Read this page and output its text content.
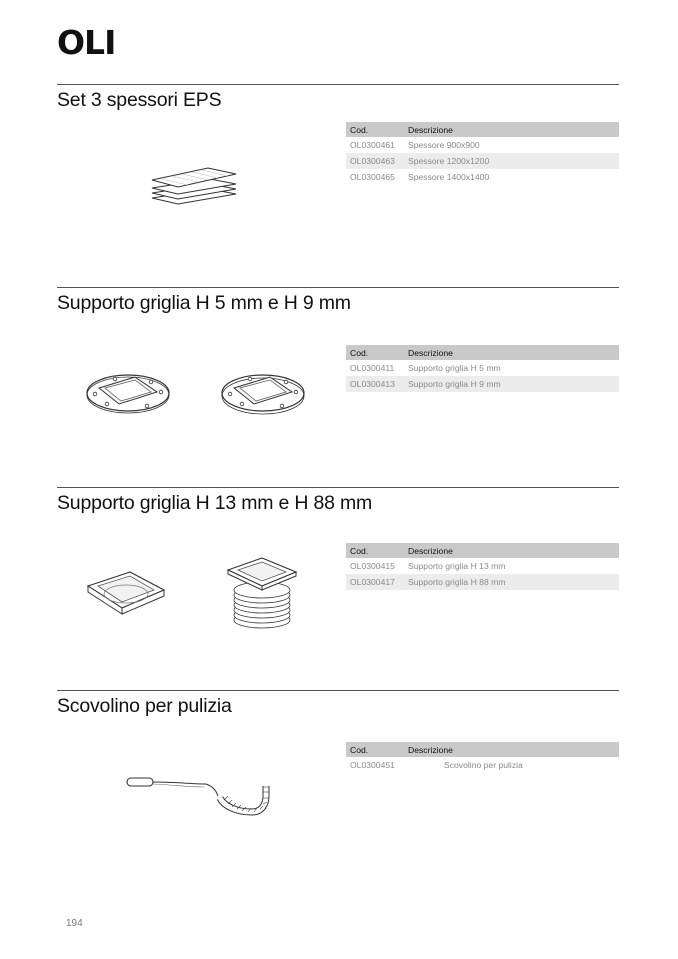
OLI
Set 3 spessori EPS
Cod.	Descrizione
OL0300461	Spessore 900x900
OL0300463	Spessore 1200x1200
OL0300465	Spessore 1400x1400
Supporto griglia H 5 mm e H 9 mm
Cod.	Descrizione
OL0300411	Supporto griglia H 5 mm
OL0300413	Supporto griglia H 9 mm
Supporto griglia H 13 mm e H 88 mm
Cod.	Descrizione
OL0300415	Supporto griglia H 13 mm
OL0300417	Supporto griglia H 88 mm
Scovolino per pulizia
Cod.	Descrizione
OL0300451	Scovolino per pulizia
194
